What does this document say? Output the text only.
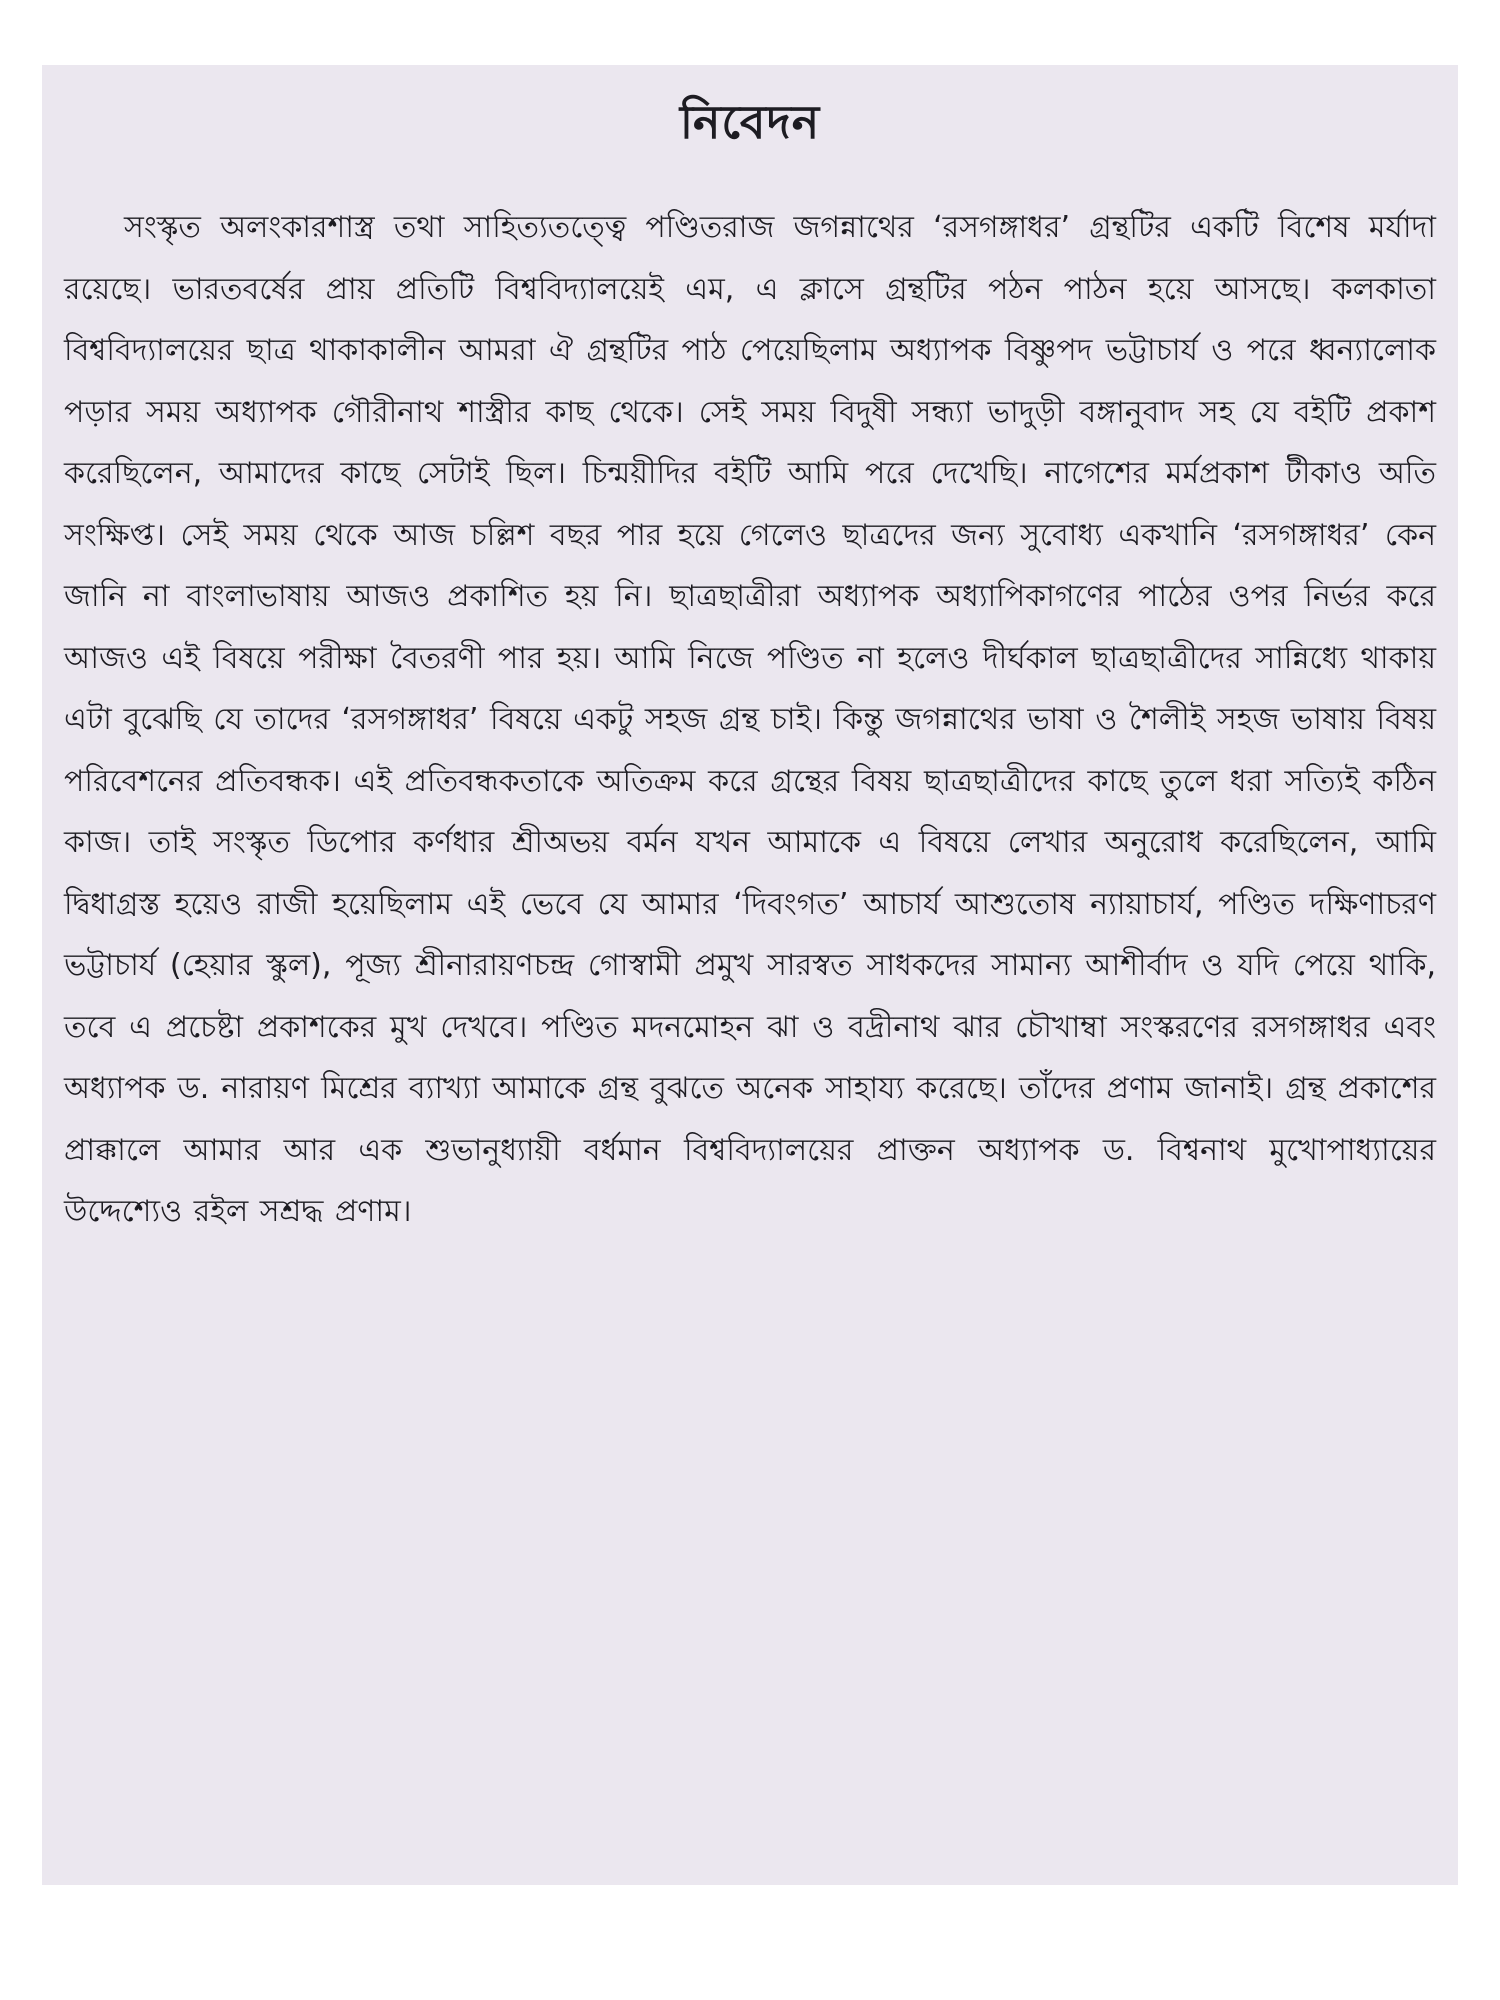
নিবেদন

সংস্কৃত অলংকারশাস্ত্র তথা সাহিত্যতত্ত্বে পণ্ডিতরাজ জগন্নাথের ‘রসগঙ্গাধর’ গ্রন্থটির একটি বিশেষ মর্যাদা রয়েছে। ভারতবর্ষের প্রায় প্রতিটি বিশ্ববিদ্যালয়েই এম, এ ক্লাসে গ্রন্থটির পঠন পাঠন হয়ে আসছে। কলকাতা বিশ্ববিদ্যালয়ের ছাত্র থাকাকালীন আমরা ঐ গ্রন্থটির পাঠ পেয়েছিলাম অধ্যাপক বিষ্ণুপদ ভট্টাচার্য ও পরে ধ্বন্যালোক পড়ার সময় অধ্যাপক গৌরীনাথ শাস্ত্রীর কাছ থেকে। সেই সময় বিদুষী সন্ধ্যা ভাদুড়ী বঙ্গানুবাদ সহ যে বইটি প্রকাশ করেছিলেন, আমাদের কাছে সেটাই ছিল। চিন্ময়ীদির বইটি আমি পরে দেখেছি। নাগেশের মর্মপ্রকাশ টীকাও অতি সংক্ষিপ্ত। সেই সময় থেকে আজ চল্লিশ বছর পার হয়ে গেলেও ছাত্রদের জন্য সুবোধ্য একখানি ‘রসগঙ্গাধর’ কেন জানি না বাংলাভাষায় আজও প্রকাশিত হয় নি। ছাত্রছাত্রীরা অধ্যাপক অধ্যাপিকাগণের পাঠের ওপর নির্ভর করে আজও এই বিষয়ে পরীক্ষা বৈতরণী পার হয়। আমি নিজে পণ্ডিত না হলেও দীর্ঘকাল ছাত্রছাত্রীদের সান্নিধ্যে থাকায় এটা বুঝেছি যে তাদের ‘রসগঙ্গাধর’ বিষয়ে একটু সহজ গ্রন্থ চাই। কিন্তু জগন্নাথের ভাষা ও শৈলীই সহজ ভাষায় বিষয় পরিবেশনের প্রতিবন্ধক। এই প্রতিবন্ধকতাকে অতিক্রম করে গ্রন্থের বিষয় ছাত্রছাত্রীদের কাছে তুলে ধরা সত্যিই কঠিন কাজ। তাই সংস্কৃত ডিপোর কর্ণধার শ্রীঅভয় বর্মন যখন আমাকে এ বিষয়ে লেখার অনুরোধ করেছিলেন, আমি দ্বিধাগ্রস্ত হয়েও রাজী হয়েছিলাম এই ভেবে যে আমার ‘দিবংগত’ আচার্য আশুতোষ ন্যায়াচার্য, পণ্ডিত দক্ষিণাচরণ ভট্টাচার্য (হেয়ার স্কুল), পূজ্য শ্রীনারায়ণচন্দ্র গোস্বামী প্রমুখ সারস্বত সাধকদের সামান্য আশীর্বাদ ও যদি পেয়ে থাকি, তবে এ প্রচেষ্টা প্রকাশকের মুখ দেখবে। পণ্ডিত মদনমোহন ঝা ও বদ্রীনাথ ঝার চৌখাম্বা সংস্করণের রসগঙ্গাধর এবং অধ্যাপক ড. নারায়ণ মিশ্রের ব্যাখ্যা আমাকে গ্রন্থ বুঝতে অনেক সাহায্য করেছে। তাঁদের প্রণাম জানাই। গ্রন্থ প্রকাশের প্রাক্কালে আমার আর এক শুভানুধ্যায়ী বর্ধমান বিশ্ববিদ্যালয়ের প্রাক্তন অধ্যাপক ড. বিশ্বনাথ মুখোপাধ্যায়ের উদ্দেশ্যেও রইল সশ্রদ্ধ প্রণাম।
